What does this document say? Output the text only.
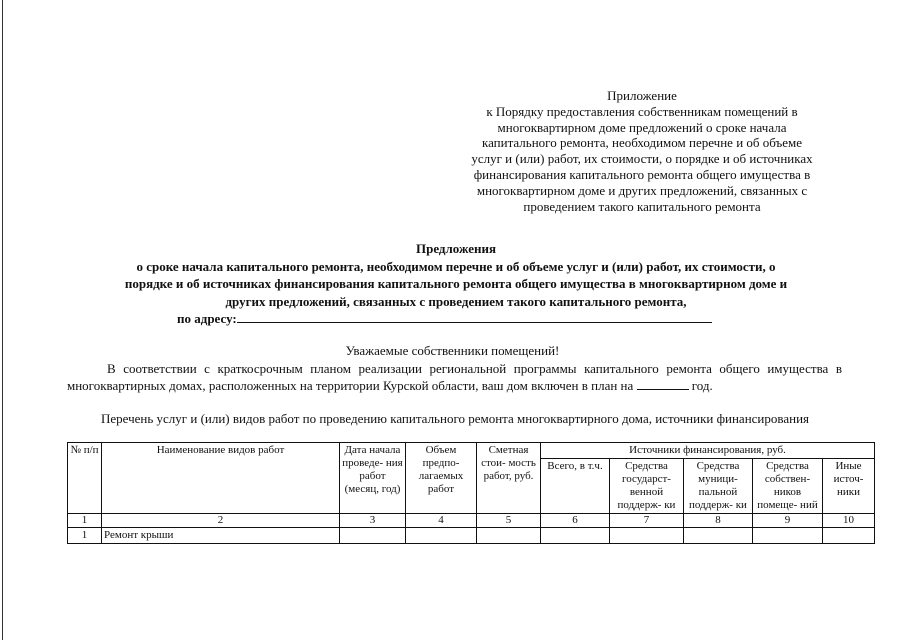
Приложение
к Порядку предоставления собственникам помещений в
многоквартирном доме предложений о сроке начала
капитального ремонта, необходимом перечне и об объеме
услуг и (или) работ, их стоимости, о порядке и об источниках
финансирования капитального ремонта общего имущества в
многоквартирном доме и других предложений, связанных с
проведением такого капитального ремонта
Предложения
о сроке начала капитального ремонта, необходимом перечне и об объеме услуг и (или) работ, их стоимости, о
порядке и об источниках финансирования капитального ремонта общего имущества в многоквартирном доме и
других предложений, связанных с проведением такого капитального ремонта,
по адресу:
Уважаемые собственники помещений!
В соответствии с краткосрочным планом реализации региональной программы капитального ремонта общего имущества в многоквартирных домах, расположенных на территории Курской области, ваш дом включен в план на	год.
Перечень услуг и (или) видов работ по проведению капитального ремонта многоквартирного дома, источники финансирования
№ п/п	Наименование видов работ	Дата начала проведе- ния работ (месяц, год)	Объем предпо- лагаемых работ	Сметная стои- мость работ, руб.	Источники финансирования, руб.				
					Всего, в т.ч.	Средства государст- венной поддерж- ки	Средства муници- пальной поддерж- ки	Средства собствен- ников помеще- ний	Иные источ- ники
1	2	3	4	5	6	7	8	9	10
1	Ремонт крыши								
